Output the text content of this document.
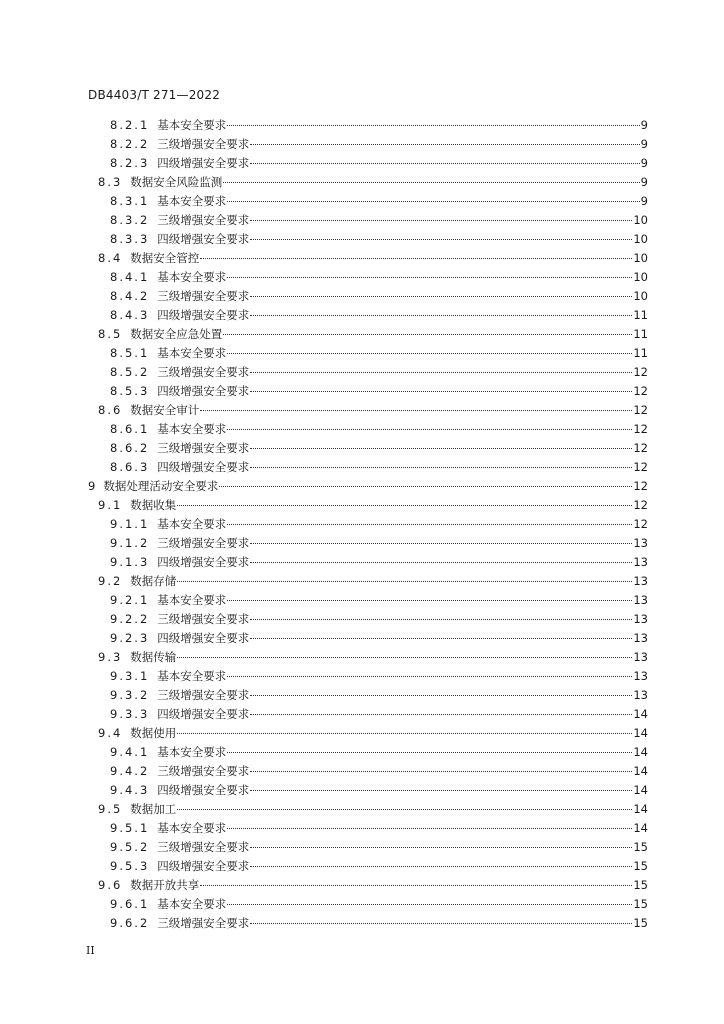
DB4403/T 271—2022
8.2.1 基本安全要求	9
8.2.2 三级增强安全要求	9
8.2.3 四级增强安全要求	9
8.3 数据安全风险监测	9
8.3.1 基本安全要求	9
8.3.2 三级增强安全要求	10
8.3.3 四级增强安全要求	10
8.4 数据安全管控	10
8.4.1 基本安全要求	10
8.4.2 三级增强安全要求	10
8.4.3 四级增强安全要求	11
8.5 数据安全应急处置	11
8.5.1 基本安全要求	11
8.5.2 三级增强安全要求	12
8.5.3 四级增强安全要求	12
8.6 数据安全审计	12
8.6.1 基本安全要求	12
8.6.2 三级增强安全要求	12
8.6.3 四级增强安全要求	12
9 数据处理活动安全要求	12
9.1 数据收集	12
9.1.1 基本安全要求	12
9.1.2 三级增强安全要求	13
9.1.3 四级增强安全要求	13
9.2 数据存储	13
9.2.1 基本安全要求	13
9.2.2 三级增强安全要求	13
9.2.3 四级增强安全要求	13
9.3 数据传输	13
9.3.1 基本安全要求	13
9.3.2 三级增强安全要求	13
9.3.3 四级增强安全要求	14
9.4 数据使用	14
9.4.1 基本安全要求	14
9.4.2 三级增强安全要求	14
9.4.3 四级增强安全要求	14
9.5 数据加工	14
9.5.1 基本安全要求	14
9.5.2 三级增强安全要求	15
9.5.3 四级增强安全要求	15
9.6 数据开放共享	15
9.6.1 基本安全要求	15
9.6.2 三级增强安全要求	15
II
